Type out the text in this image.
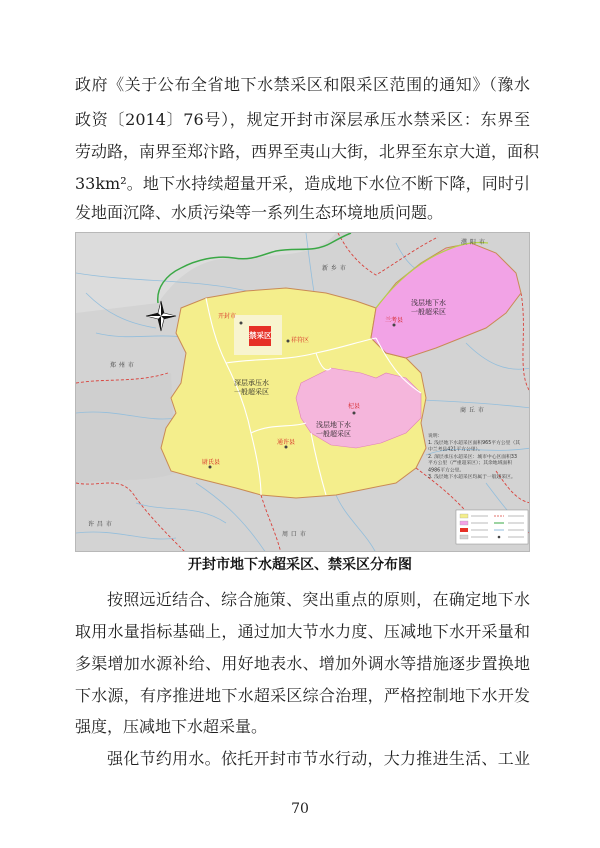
政府《关于公布全省地下水禁采区和限采区范围的通知》（豫水
政资〔2014〕76号），规定开封市深层承压水禁采区：东界至
劳动路，南界至郑汴路，西界至夷山大街，北界至东京大道，面积
33km²。地下水持续超量开采，造成地下水位不断下降，同时引
发地面沉降、水质污染等一系列生态环境地质问题。
濮 阳 市
新 乡 市
开封市
禁采区
兰考县
浅层地下水
一般超采区
祥符区
郑 州 市
深层承压水
一般超采区
杞县
浅层地下水
一般超采区
商 丘 市
通许县
尉氏县
许 昌 市
周 口 市
说明：
1. 浅层地下水超采区面积965平方公里（其中兰考县421平方公里）。
2. 深层承压水超采区：城市中心区面积33平方公里（严重超采区）；其余地域面积4986平方公里。
3. 浅层地下水超采区均属于一般超采区。
开封市地下水超采区、禁采区分布图
按照远近结合、综合施策、突出重点的原则，在确定地下水
取用水量指标基础上，通过加大节水力度、压减地下水开采量和
多渠增加水源补给、用好地表水、增加外调水等措施逐步置换地
下水源，有序推进地下水超采区综合治理，严格控制地下水开发
强度，压减地下水超采量。
强化节约用水。依托开封市节水行动，大力推进生活、工业
70
